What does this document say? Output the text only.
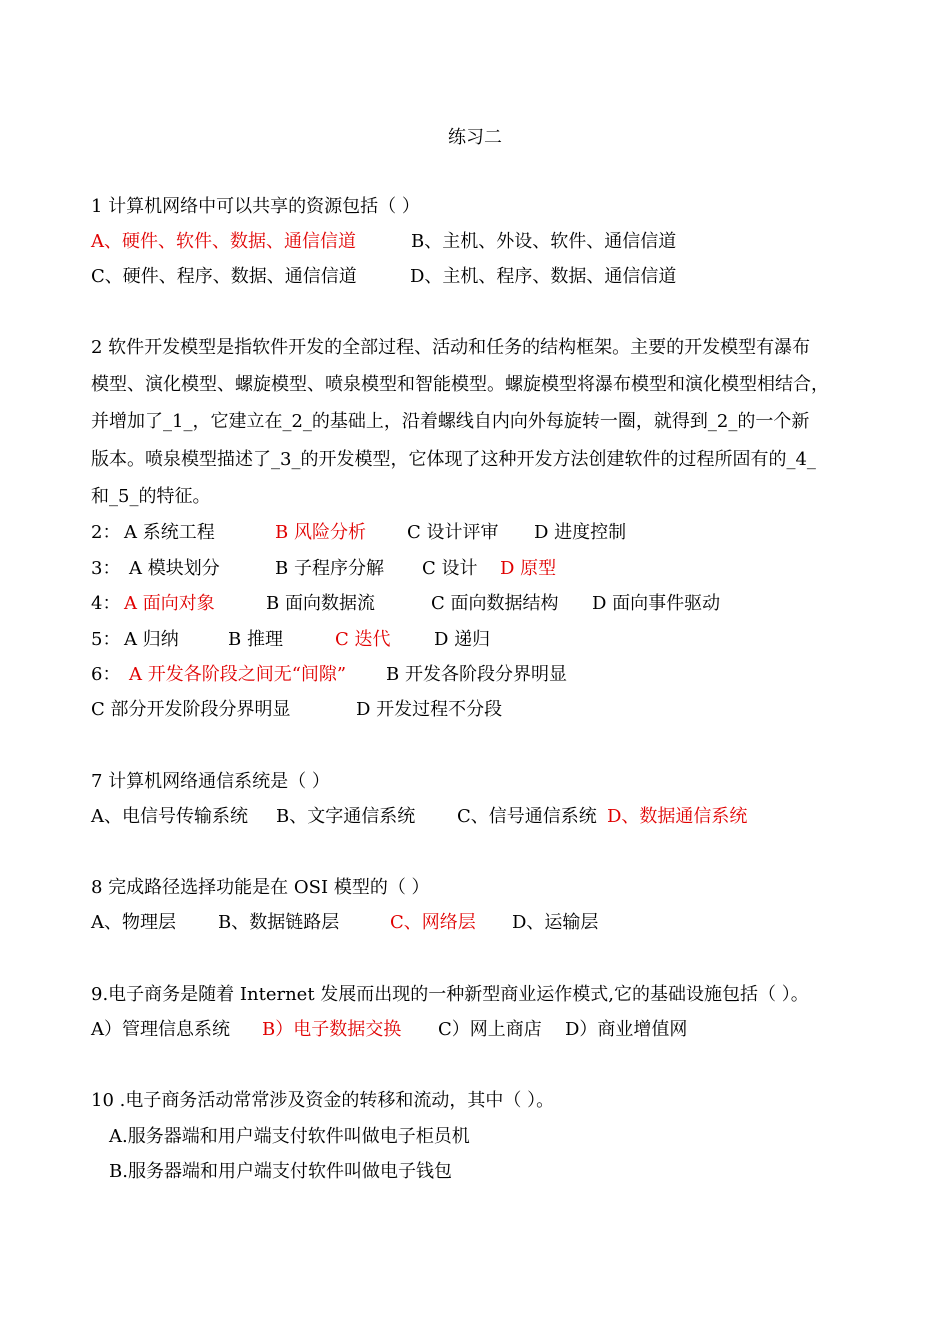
练习二
1 计算机网络中可以共享的资源包括（ ）
A、硬件、软件、数据、通信信道	B、主机、外设、软件、通信信道
C、硬件、程序、数据、通信信道	D、主机、程序、数据、通信信道
2 软件开发模型是指软件开发的全部过程、活动和任务的结构框架。主要的开发模型有瀑布
模型、演化模型、螺旋模型、喷泉模型和智能模型。螺旋模型将瀑布模型和演化模型相结合，
并增加了_1_，它建立在_2_的基础上，沿着螺线自内向外每旋转一圈，就得到_2_的一个新
版本。喷泉模型描述了_3_的开发模型，它体现了这种开发方法创建软件的过程所固有的_4_
和_5_的特征。
2： A 系统工程	B 风险分析 C 设计评审 D 进度控制
3： A 模块划分	B 子程序分解 C 设计 D 原型
4： A 面向对象	B 面向数据流	C 面向数据结构 D 面向事件驱动
5： A 归纳	B 推理	C 迭代 D 递归
6： A 开发各阶段之间无“间隙” B 开发各阶段分界明显
C 部分开发阶段分界明显	D 开发过程不分段
7 计算机网络通信系统是（ ）
A、电信号传输系统 B、文字通信系统 C、信号通信系统 D、数据通信系统
8 完成路径选择功能是在 OSI 模型的（ ）
A、物理层 B、数据链路层	C、网络层 D、运输层
9.电子商务是随着 Internet 发展而出现的一种新型商业运作模式,它的基础设施包括（ ）。
A）管理信息系统 B）电子数据交换 C）网上商店 D）商业增值网
10 .电子商务活动常常涉及资金的转移和流动，其中（ ）。
A.服务器端和用户端支付软件叫做电子柜员机
B.服务器端和用户端支付软件叫做电子钱包
